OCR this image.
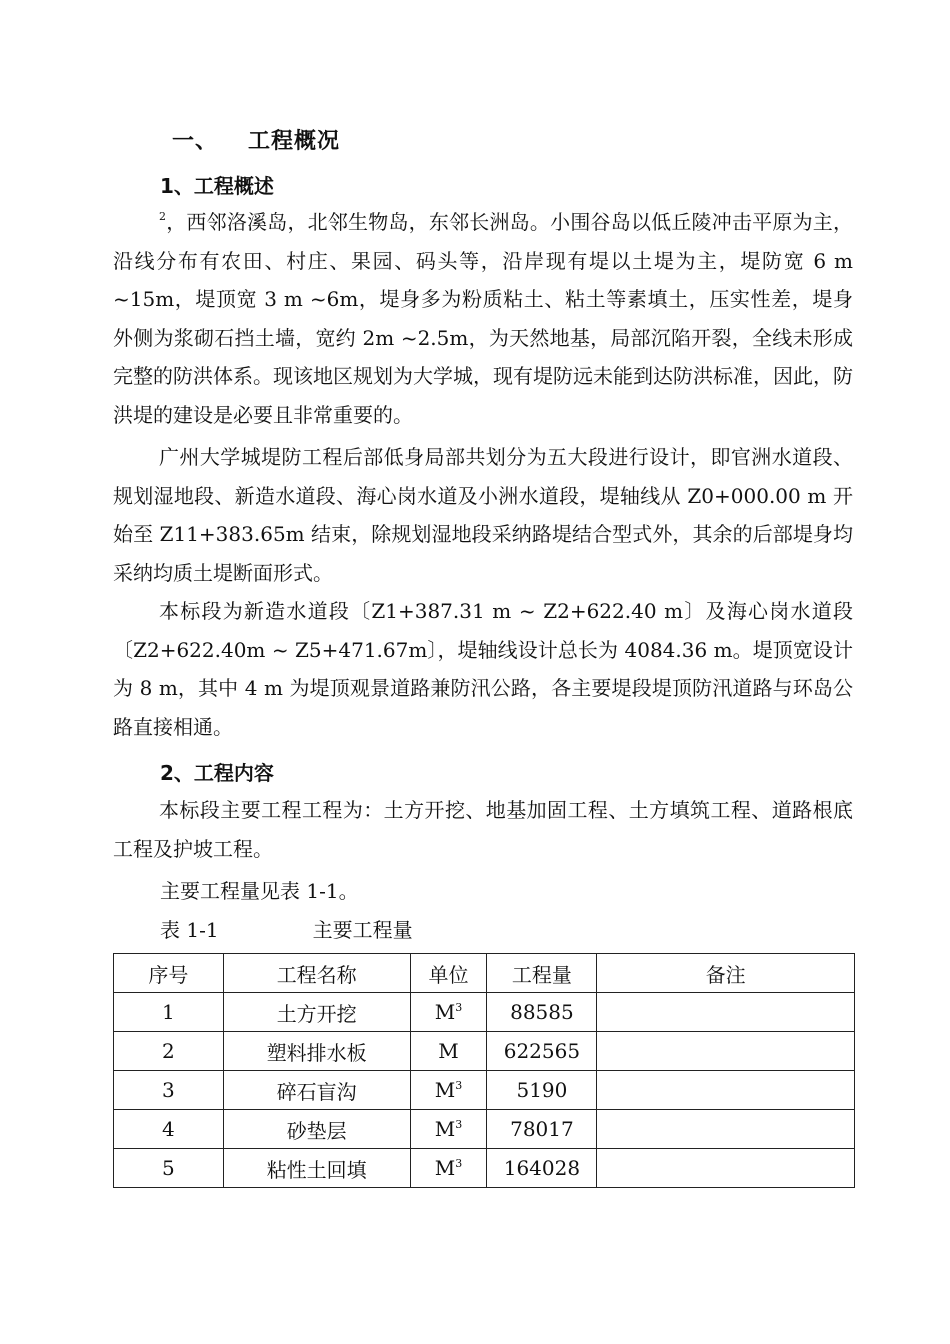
一、 工程概况
1、工程概述

$^2$，西邻洛溪岛，北邻生物岛，东邻长洲岛。小围谷岛以低丘陵冲击平原为主，沿线分布有农田、村庄、果园、码头等，沿岸现有堤以土堤为主，堤防宽 6 m ~15m，堤顶宽 3 m ~6m，堤身多为粉质粘土、粘土等素填土，压实性差，堤身外侧为浆砌石挡土墙，宽约 2m ~2.5m，为天然地基，局部沉陷开裂，全线未形成完整的防洪体系。现该地区规划为大学城，现有堤防远未能到达防洪标准，因此，防洪堤的建设是必要且非常重要的。

广州大学城堤防工程后部低身局部共划分为五大段进行设计，即官洲水道段、规划湿地段、新造水道段、海心岗水道及小洲水道段，堤轴线从 Z0+000.00 m 开始至 Z11+383.65m 结束，除规划湿地段采纳路堤结合型式外，其余的后部堤身均采纳均质土堤断面形式。

本标段为新造水道段〔Z1+387.31 m ~ Z2+622.40 m〕及海心岗水道段〔Z2+622.40m ~ Z5+471.67m〕，堤轴线设计总长为 4084.36 m。堤顶宽设计为 8 m，其中 4 m 为堤顶观景道路兼防汛公路，各主要堤段堤顶防汛道路与环岛公路直接相通。

2、工程内容

本标段主要工程工程为：土方开挖、地基加固工程、土方填筑工程、道路根底工程及护坡工程。

主要工程量见表 1-1。
表 1-1	主要工程量
序号	工程名称	单位	工程量	备注
1	土方开挖	$M^3$	88585	
2	塑料排水板	M	622565	
3	碎石盲沟	$M^3$	5190	
4	砂垫层	$M^3$	78017	
5	粘性土回填	$M^3$	164028	
